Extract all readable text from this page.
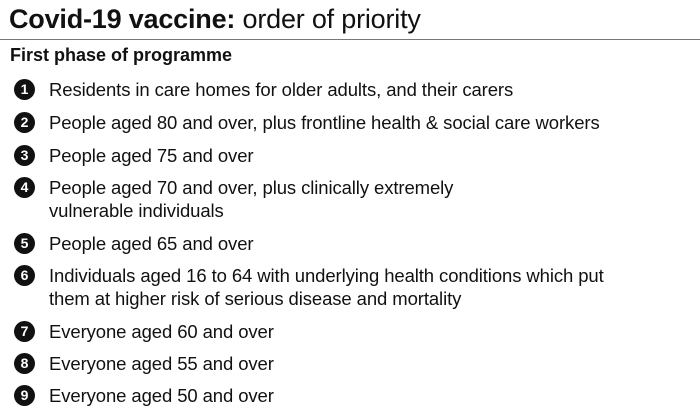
Covid-19 vaccine: order of priority
First phase of programme
1	Residents in care homes for older adults, and their carers
2	People aged 80 and over, plus frontline health & social care workers
3	People aged 75 and over
4	People aged 70 and over, plus clinically extremely
vulnerable individuals
5	People aged 65 and over
6	Individuals aged 16 to 64 with underlying health conditions which put
them at higher risk of serious disease and mortality
7	Everyone aged 60 and over
8	Everyone aged 55 and over
9	Everyone aged 50 and over
